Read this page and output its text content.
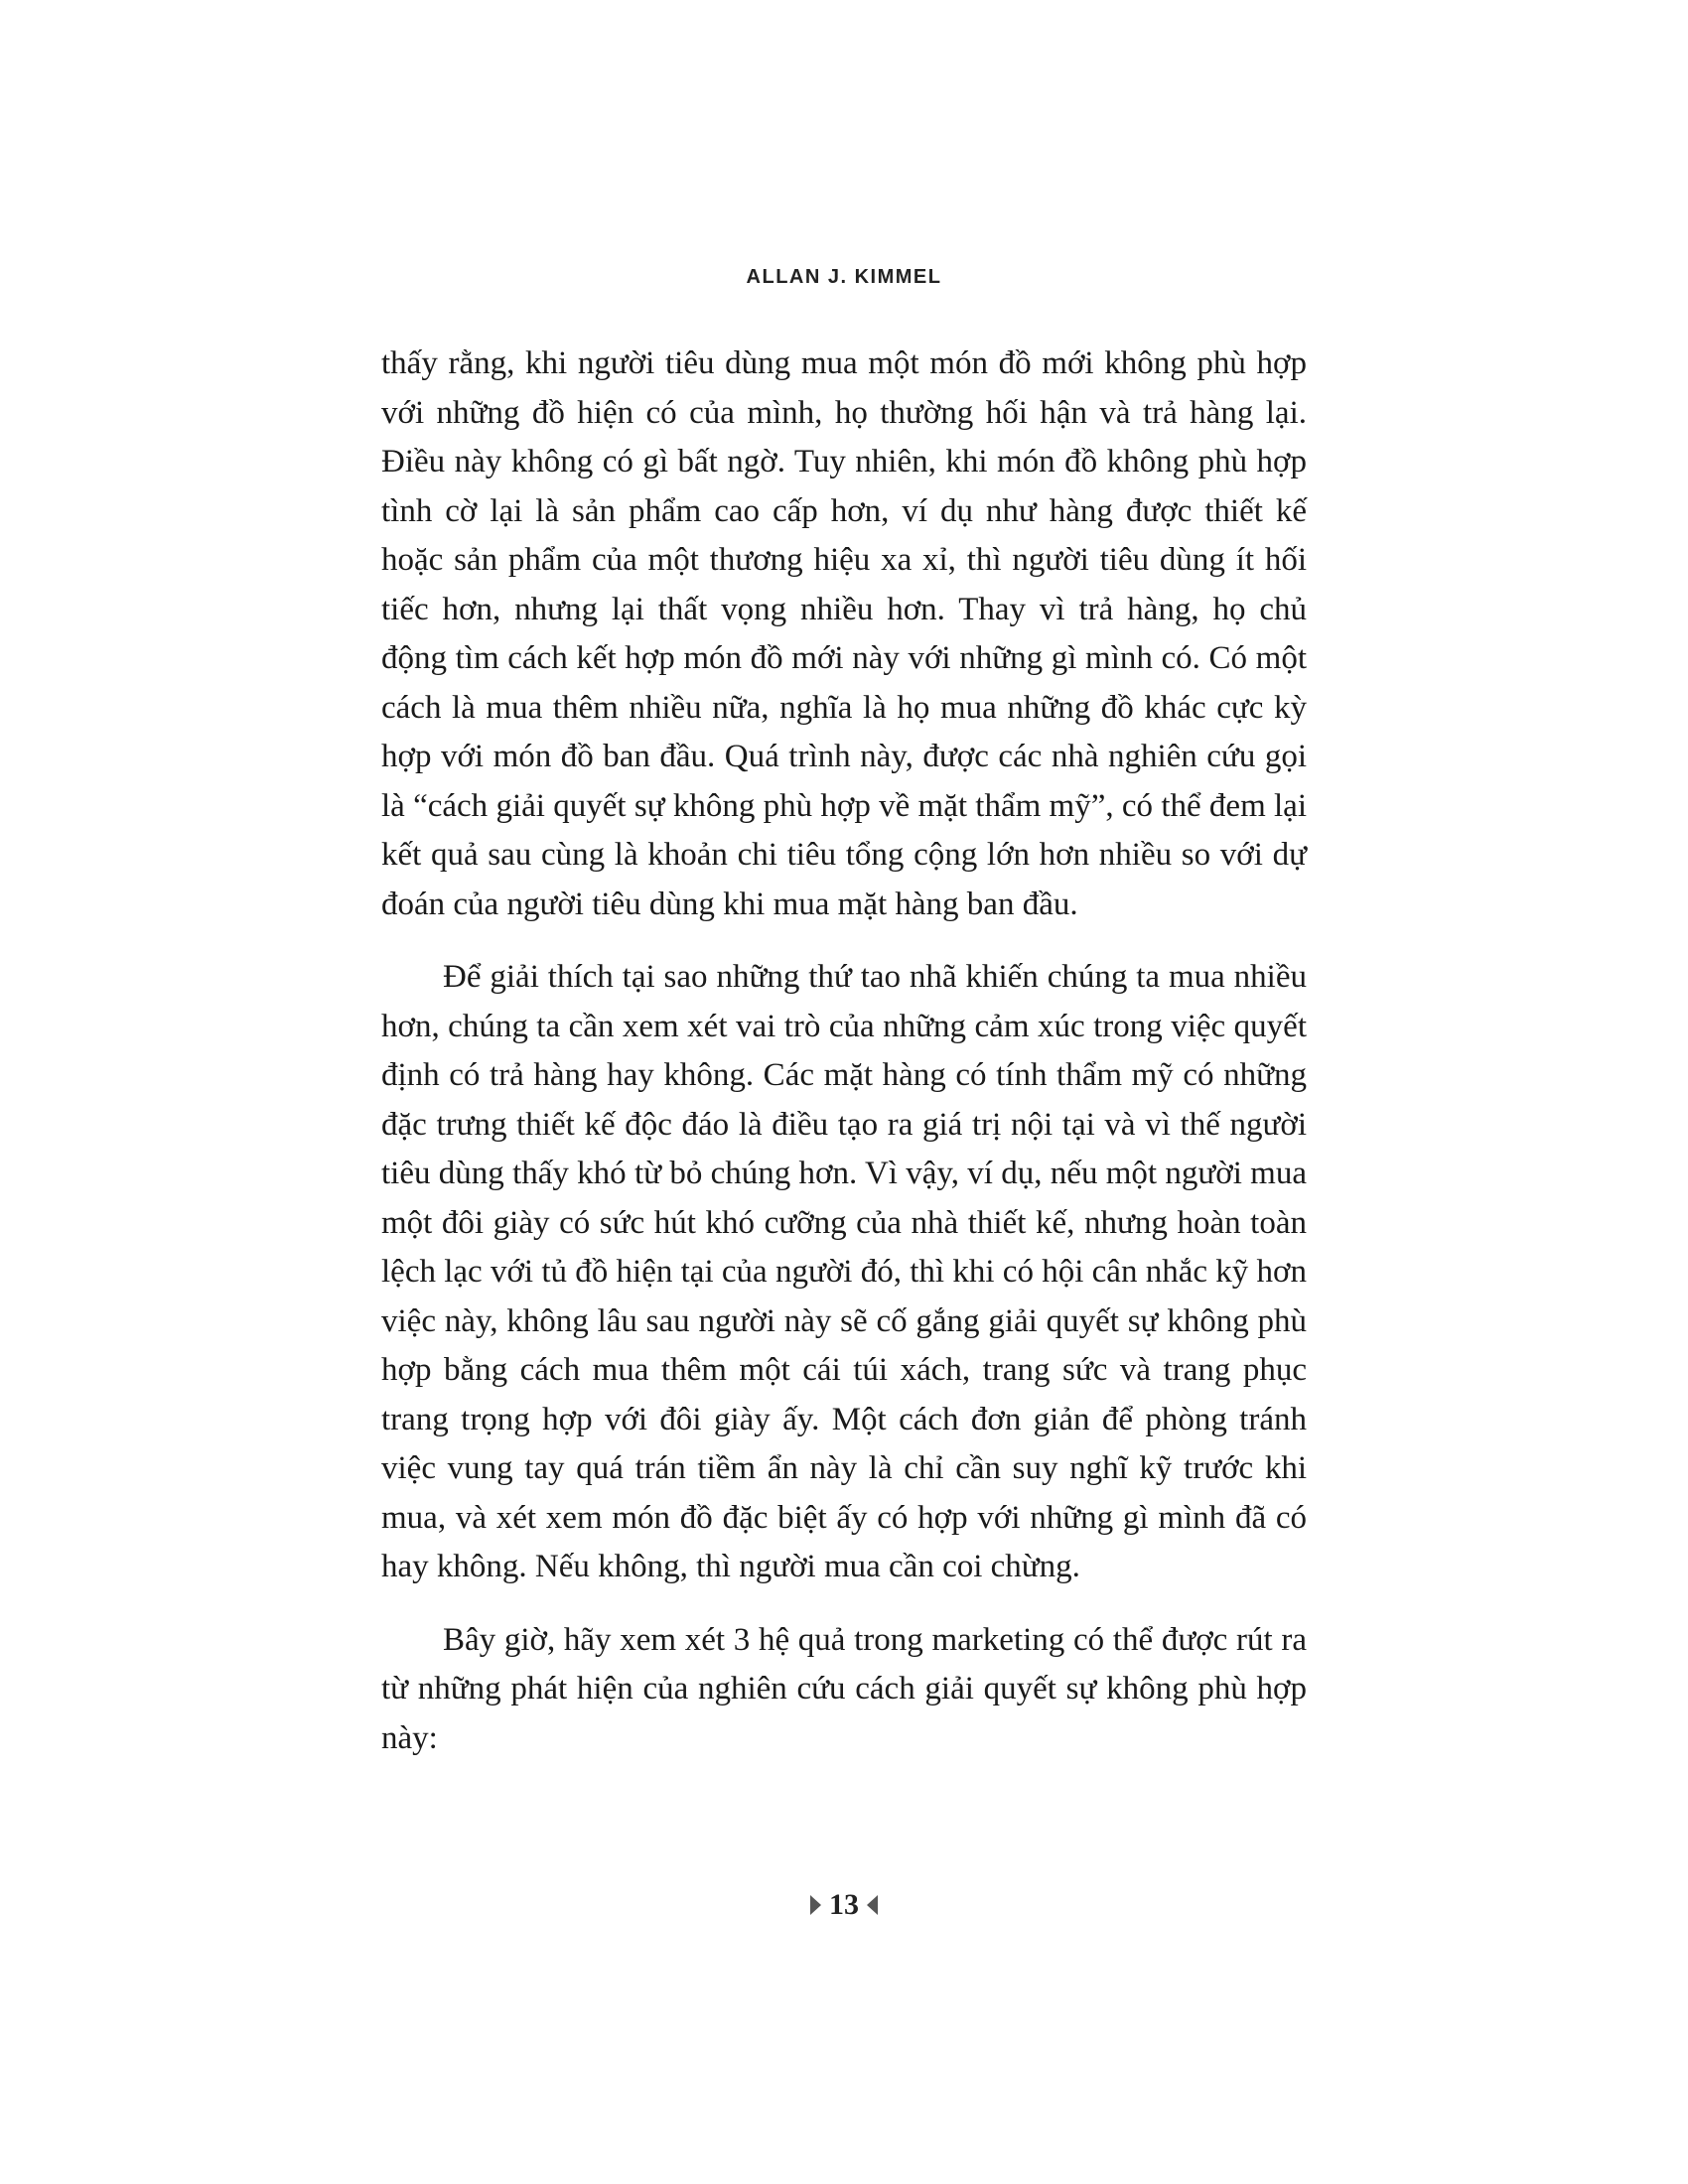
ALLAN J. KIMMEL

thấy rằng, khi người tiêu dùng mua một món đồ mới không phù hợp với những đồ hiện có của mình, họ thường hối hận và trả hàng lại. Điều này không có gì bất ngờ. Tuy nhiên, khi món đồ không phù hợp tình cờ lại là sản phẩm cao cấp hơn, ví dụ như hàng được thiết kế hoặc sản phẩm của một thương hiệu xa xỉ, thì người tiêu dùng ít hối tiếc hơn, nhưng lại thất vọng nhiều hơn. Thay vì trả hàng, họ chủ động tìm cách kết hợp món đồ mới này với những gì mình có. Có một cách là mua thêm nhiều nữa, nghĩa là họ mua những đồ khác cực kỳ hợp với món đồ ban đầu. Quá trình này, được các nhà nghiên cứu gọi là “cách giải quyết sự không phù hợp về mặt thẩm mỹ”, có thể đem lại kết quả sau cùng là khoản chi tiêu tổng cộng lớn hơn nhiều so với dự đoán của người tiêu dùng khi mua mặt hàng ban đầu.

Để giải thích tại sao những thứ tao nhã khiến chúng ta mua nhiều hơn, chúng ta cần xem xét vai trò của những cảm xúc trong việc quyết định có trả hàng hay không. Các mặt hàng có tính thẩm mỹ có những đặc trưng thiết kế độc đáo là điều tạo ra giá trị nội tại và vì thế người tiêu dùng thấy khó từ bỏ chúng hơn. Vì vậy, ví dụ, nếu một người mua một đôi giày có sức hút khó cưỡng của nhà thiết kế, nhưng hoàn toàn lệch lạc với tủ đồ hiện tại của người đó, thì khi có hội cân nhắc kỹ hơn việc này, không lâu sau người này sẽ cố gắng giải quyết sự không phù hợp bằng cách mua thêm một cái túi xách, trang sức và trang phục trang trọng hợp với đôi giày ấy. Một cách đơn giản để phòng tránh việc vung tay quá trán tiềm ẩn này là chỉ cần suy nghĩ kỹ trước khi mua, và xét xem món đồ đặc biệt ấy có hợp với những gì mình đã có hay không. Nếu không, thì người mua cần coi chừng.

Bây giờ, hãy xem xét 3 hệ quả trong marketing có thể được rút ra từ những phát hiện của nghiên cứu cách giải quyết sự không phù hợp này:

13
